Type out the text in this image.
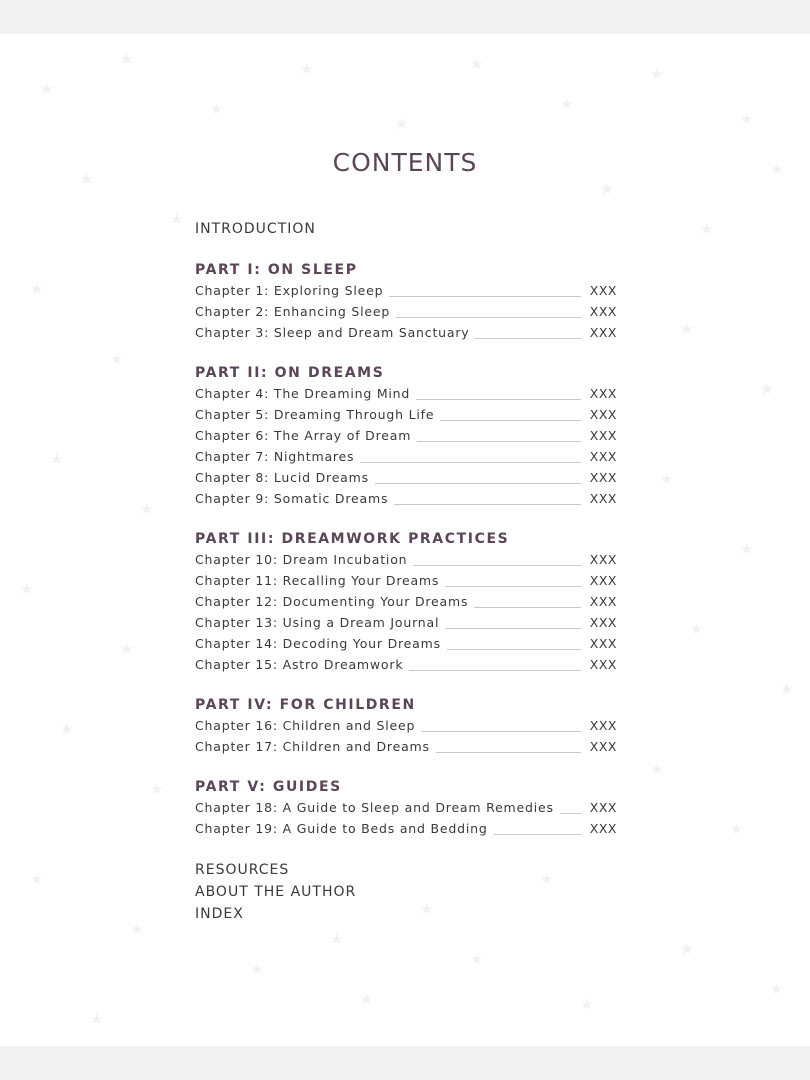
★
★
★
★
★
★
★
★
★
★
★
★
★
★
★
★
★
★
★
★
★
★
★
★
★
★
★
★
★
★
★
★
★
★
★
★
★
★
★
★
★
★
CONTENTS
INTRODUCTION
PART I: ON SLEEP
Chapter 1: Exploring Sleep	XXX
Chapter 2: Enhancing Sleep	XXX
Chapter 3: Sleep and Dream Sanctuary	XXX
PART II: ON DREAMS
Chapter 4: The Dreaming Mind	XXX
Chapter 5: Dreaming Through Life	XXX
Chapter 6: The Array of Dream	XXX
Chapter 7: Nightmares	XXX
Chapter 8: Lucid Dreams	XXX
Chapter 9: Somatic Dreams	XXX
PART III: DREAMWORK PRACTICES
Chapter 10: Dream Incubation	XXX
Chapter 11: Recalling Your Dreams	XXX
Chapter 12: Documenting Your Dreams	XXX
Chapter 13: Using a Dream Journal	XXX
Chapter 14: Decoding Your Dreams	XXX
Chapter 15: Astro Dreamwork	XXX
PART IV: FOR CHILDREN
Chapter 16: Children and Sleep	XXX
Chapter 17: Children and Dreams	XXX
PART V: GUIDES
Chapter 18: A Guide to Sleep and Dream Remedies	XXX
Chapter 19: A Guide to Beds and Bedding	XXX
RESOURCES
ABOUT THE AUTHOR
INDEX
